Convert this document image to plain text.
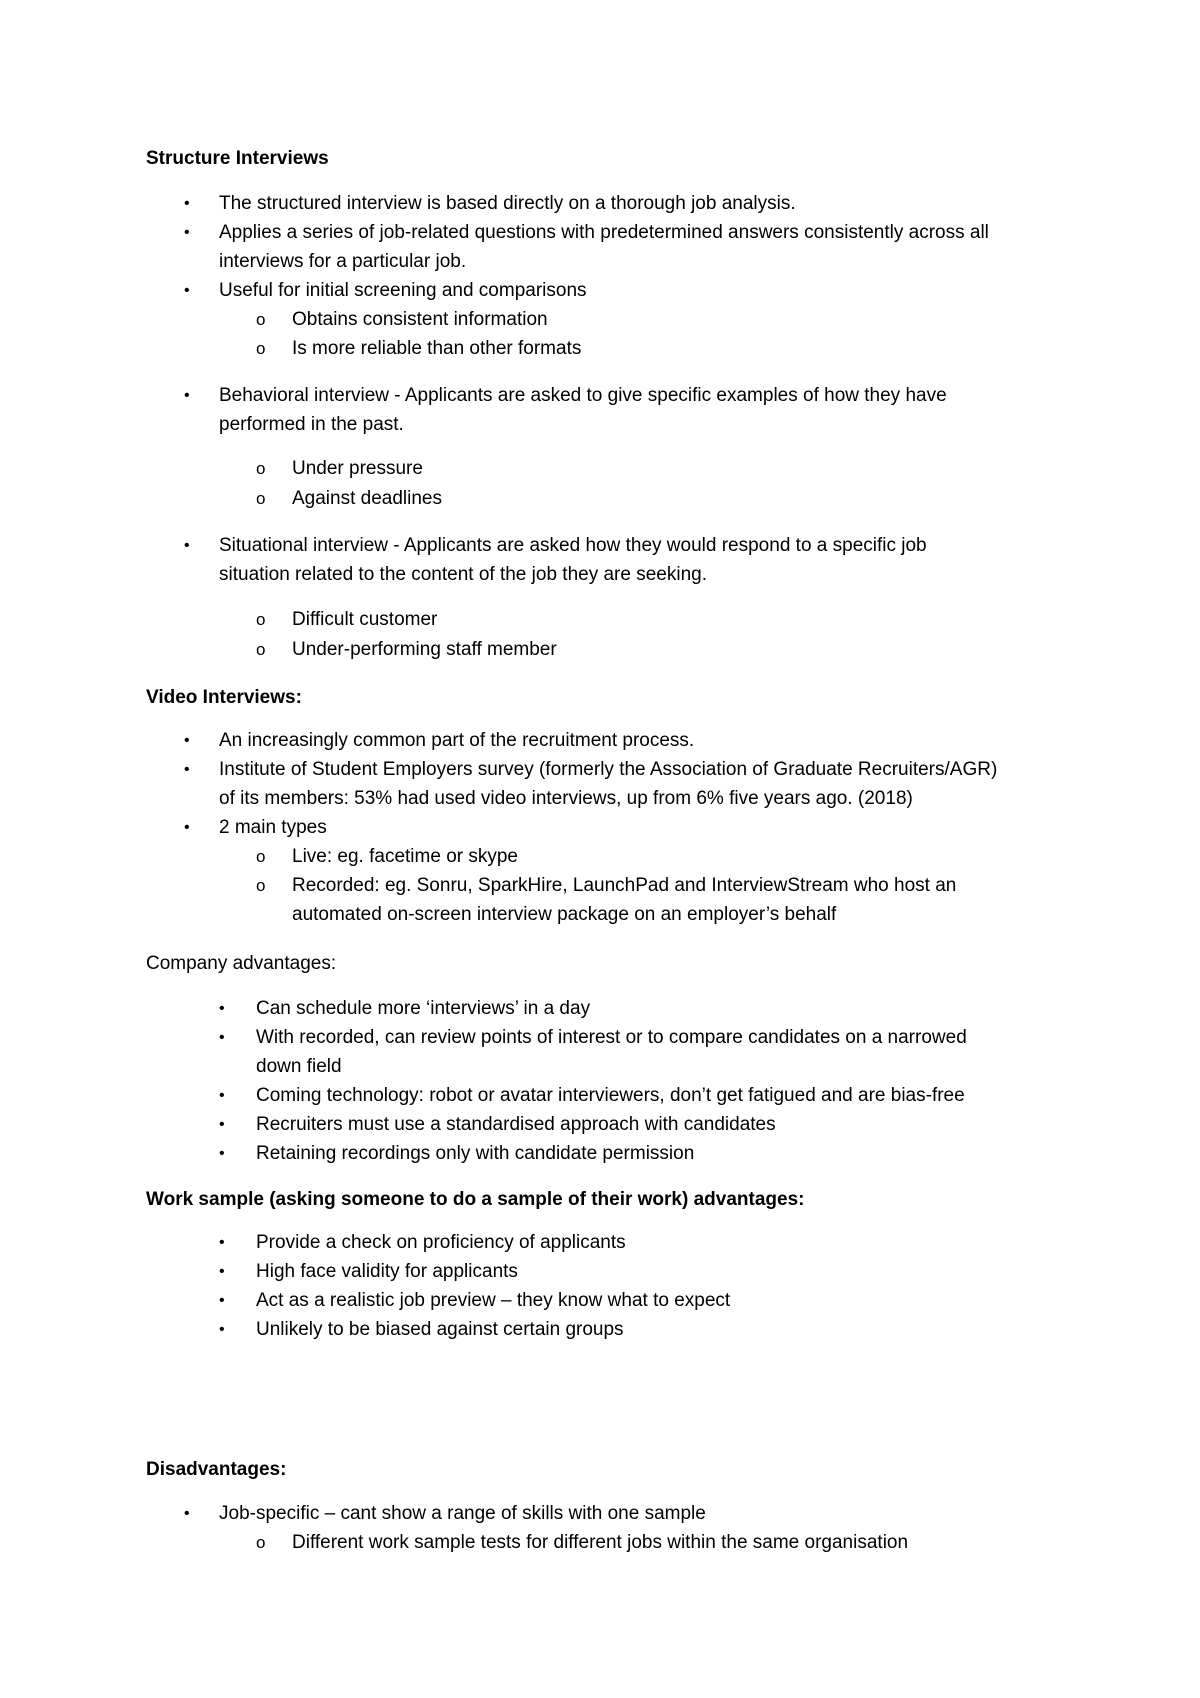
Structure Interviews
• The structured interview is based directly on a thorough job analysis.
• Applies a series of job-related questions with predetermined answers consistently across all
interviews for a particular job.
• Useful for initial screening and comparisons
o Obtains consistent information
o Is more reliable than other formats
• Behavioral interview - Applicants are asked to give specific examples of how they have
performed in the past.
o Under pressure
o Against deadlines
• Situational interview - Applicants are asked how they would respond to a specific job
situation related to the content of the job they are seeking.
o Difficult customer
o Under-performing staff member
Video Interviews:
• An increasingly common part of the recruitment process.
• Institute of Student Employers survey (formerly the Association of Graduate Recruiters/AGR)
of its members: 53% had used video interviews, up from 6% five years ago. (2018)
• 2 main types
o Live: eg. facetime or skype
o Recorded: eg. Sonru, SparkHire, LaunchPad and InterviewStream who host an
automated on-screen interview package on an employer’s behalf
Company advantages:
• Can schedule more ‘interviews’ in a day
• With recorded, can review points of interest or to compare candidates on a narrowed
down field
• Coming technology: robot or avatar interviewers, don’t get fatigued and are bias-free
• Recruiters must use a standardised approach with candidates
• Retaining recordings only with candidate permission
Work sample (asking someone to do a sample of their work) advantages:
• Provide a check on proficiency of applicants
• High face validity for applicants
• Act as a realistic job preview – they know what to expect
• Unlikely to be biased against certain groups
Disadvantages:
• Job-specific – cant show a range of skills with one sample
o Different work sample tests for different jobs within the same organisation
